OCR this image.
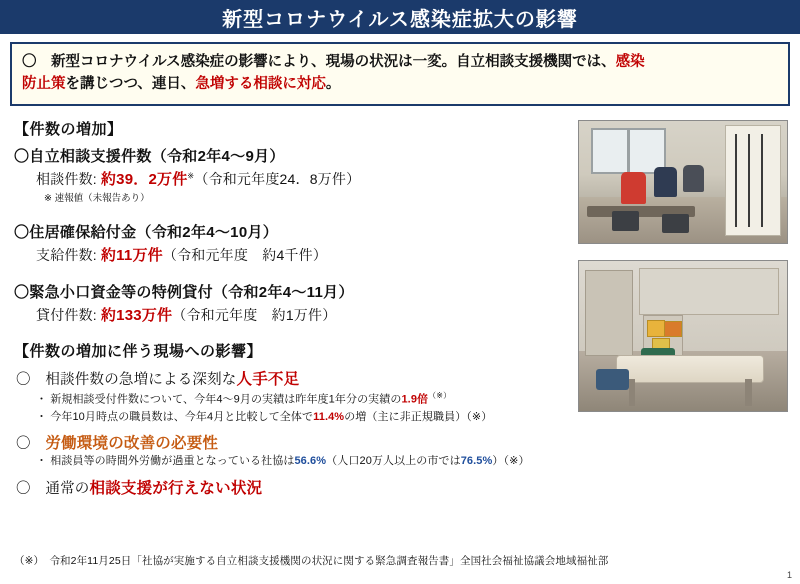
新型コロナウイルス感染症拡大の影響
〇　新型コロナウイルス感染症の影響により、現場の状況は一変。自立相談支援機関では、感染
防止策を講じつつ、連日、急増する相談に対応。
【件数の増加】
〇自立相談支援件数（令和2年4〜9月）
相談件数: 約39．2万件※（令和元年度24．8万件）
※ 速報値（未報告あり）
〇住居確保給付金（令和2年4〜10月）
支給件数: 約11万件（令和元年度　約4千件）
〇緊急小口資金等の特例貸付（令和2年4〜11月）
貸付件数: 約133万件（令和元年度　約1万件）
【件数の増加に伴う現場への影響】
〇　相談件数の急増による深刻な人手不足
・ 新規相談受付件数について、今年4〜9月の実績は昨年度1年分の実績の1.9倍（※）
・ 今年10月時点の職員数は、今年4月と比較して全体で11.4%の増（主に非正規職員）（※）
〇　 労働環境の改善の必要性
・ 相談員等の時間外労働が過重となっている社協は56.6%（人口20万人以上の市では76.5%）（※）
〇　通常の相談支援が行えない状況
（※）　令和2年11月25日「社協が実施する自立相談支援機関の状況に関する緊急調査報告書」全国社会福祉協議会地域福祉部
1
